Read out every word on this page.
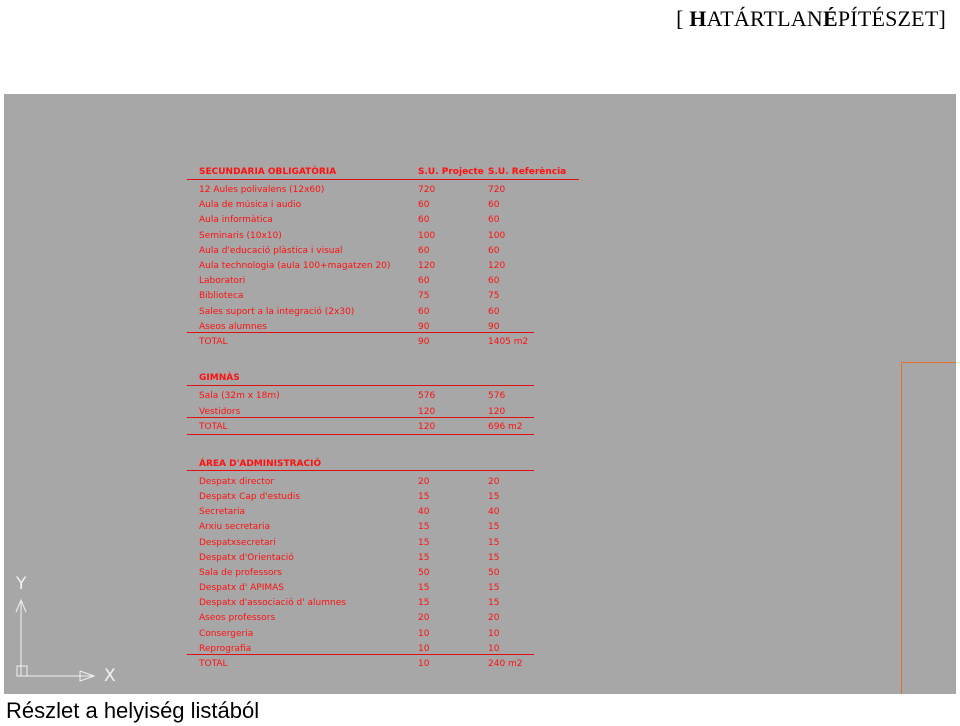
[ HATÁRTLANÉPÍTÉSZET]
SECUNDARIA OBLIGATÒRIA	S.U. Projecte S.U. Referència
12 Aules polivalens (12x60)	720	720
Aula de música i audio	60	60
Aula informàtica	60	60
Seminaris (10x10)	100	100
Aula d'educació plàstica i visual	60	60
Aula technologia (aula 100+magatzen 20)	120	120
Laboratori	60	60
Biblioteca	75	75
Sales suport a la integració (2x30)	60	60
Aseos alumnes	90	90
TOTAL	90	1405 m2
GIMNÀS
Sala (32m x 18m)	576	576
Vestidors	120	120
TOTAL	120	696 m2
ÁREA D'ADMINISTRACIÓ
Despatx director	20	20
Despatx Cap d'estudis	15	15
Secretaria	40	40
Arxiu secretaria	15	15
Despatxsecretari	15	15
Despatx d'Orientació	15	15
Sala de professors	50	50
Despatx d' APIMAS	15	15
Despatx d'associació d' alumnes	15	15
Aseos professors	20	20
Consergeria	10	10
Reprografia	10	10
TOTAL	10	240 m2
Y
X
Részlet a helyiség listából
